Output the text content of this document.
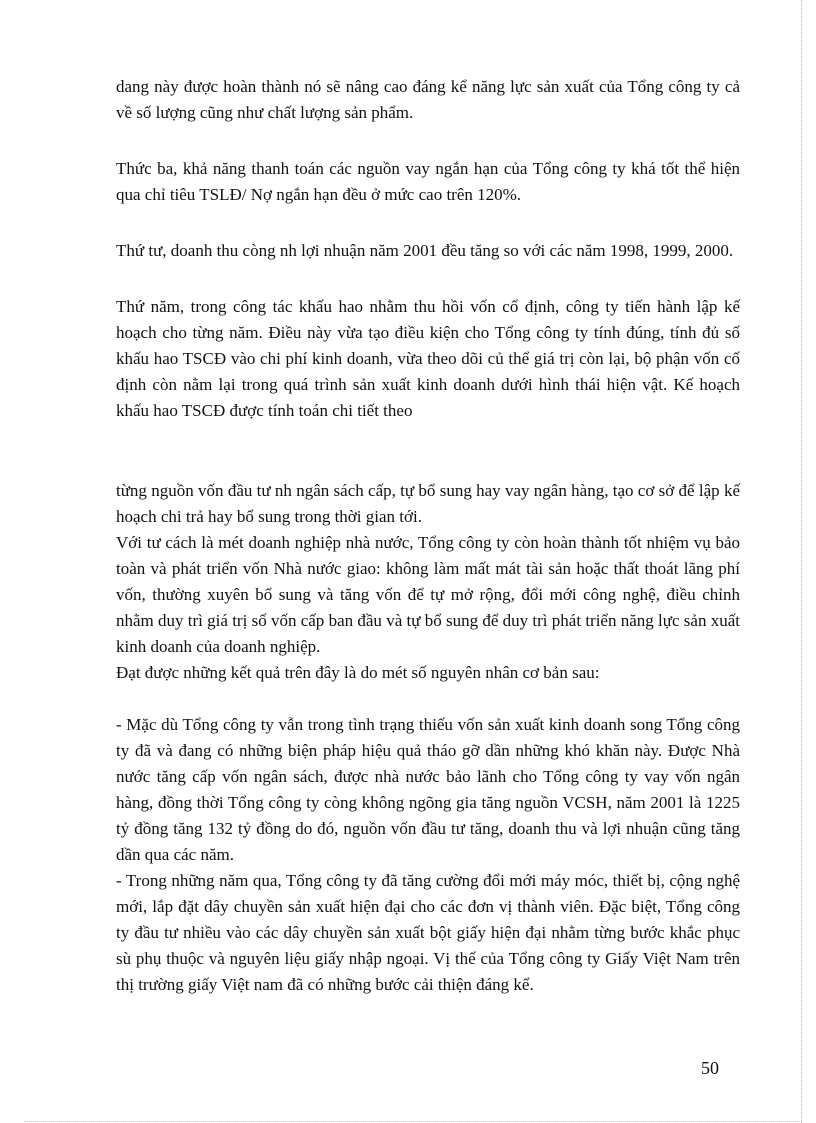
dang này được hoàn thành nó sẽ nâng cao đáng kể năng lực sản xuất của Tổng công ty cả về số lượng cũng như chất lượng sản phẩm.

Thức ba, khả năng thanh toán các nguồn vay ngắn hạn của Tổng công ty khá tốt thể hiện qua chỉ tiêu TSLĐ/ Nợ ngắn hạn đều ở mức cao trên 120%.

Thứ tư, doanh thu còng nh lợi nhuận năm 2001 đều tăng so với các năm 1998, 1999, 2000.

Thứ năm, trong công tác khấu hao nhằm thu hồi vốn cố định, công ty tiến hành lập kế hoạch cho từng năm. Điều này vừa tạo điều kiện cho Tổng công ty tính đúng, tính đủ số khấu hao TSCĐ vào chi phí kinh doanh, vừa theo dõi củ thể giá trị còn lại, bộ phận vốn cố định còn nằm lại trong quá trình sản xuất kinh doanh dưới hình thái hiện vật. Kế hoạch khấu hao TSCĐ được tính toán chi tiết theo

từng nguồn vốn đầu tư nh ngân sách cấp, tự bổ sung hay vay ngân hàng, tạo cơ sở để lập kế hoạch chi trả hay bổ sung trong thời gian tới.

Với tư cách là mét doanh nghiệp nhà nước, Tổng công ty còn hoàn thành tốt nhiệm vụ bảo toàn và phát triển vốn Nhà nước giao: không làm mất mát tài sản hoặc thất thoát lãng phí vốn, thường xuyên bổ sung và tăng vốn để tự mở rộng, đổi mới công nghệ, điều chỉnh nhằm duy trì giá trị số vốn cấp ban đầu và tự bổ sung để duy trì phát triển năng lực sản xuất kinh doanh của doanh nghiệp.

Đạt được những kết quả trên đây là do mét số nguyên nhân cơ bản sau:

- Mặc dù Tổng công ty vẫn trong tình trạng thiếu vốn sản xuất kinh doanh song Tổng công ty đã và đang có những biện pháp hiệu quả tháo gỡ dần những khó khăn này. Được Nhà nước tăng cấp vốn ngân sách, được nhà nước bảo lãnh cho Tổng công ty vay vốn ngân hàng, đồng thời Tổng công ty còng không ngõng gia tăng nguồn VCSH, năm 2001 là 1225 tỷ đồng tăng 132 tỷ đồng do đó, nguồn vốn đầu tư tăng, doanh thu và lợi nhuận cũng tăng dần qua các năm.

- Trong những năm qua, Tổng công ty đã tăng cường đổi mới máy móc, thiết bị, cộng nghệ mới, lắp đặt dây chuyền sản xuất hiện đại cho các đơn vị thành viên. Đặc biệt, Tổng công ty đầu tư nhiều vào các dây chuyền sản xuất bột giấy hiện đại nhằm từng bước khắc phục sù phụ thuộc và nguyên liệu giấy nhập ngoại. Vị thế của Tổng công ty Giấy Việt Nam trên thị trường giấy Việt nam đã có những bước cải thiện đáng kể.

50
